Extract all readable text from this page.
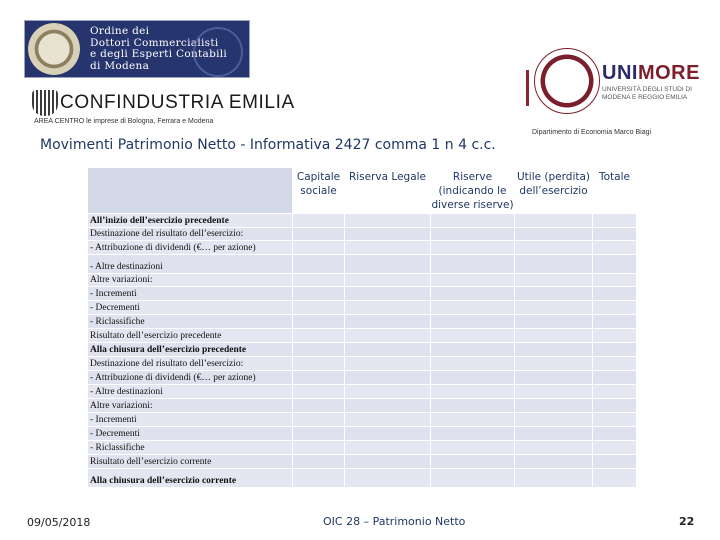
Ordine dei
Dottori Commercialisti
e degli Esperti Contabili
di Modena
CONFINDUSTRIA EMILIA
AREA CENTRO le imprese di Bologna, Ferrara e Modena
UNIMORE
UNIVERSITÀ DEGLI STUDI DI MODENA E REGGIO EMILIA
Dipartimento di Economia Marco Biagi
Movimenti Patrimonio Netto - Informativa 2427 comma 1 n 4 c.c.
	Capitale sociale	Riserva Legale	Riserve (indicando le diverse riserve)	Utile (perdita) dell’esercizio	Totale
All’inizio dell’esercizio precedente					
Destinazione del risultato dell’esercizio:					
- Attribuzione di dividendi (€… per azione)					
- Altre destinazioni					
Altre variazioni:					
- Incrementi					
- Decrementi					
- Riclassifiche					
Risultato dell’esercizio precedente					
Alla chiusura dell’esercizio precedente					
Destinazione del risultato dell’esercizio:					
- Attribuzione di dividendi (€… per azione)					
- Altre destinazioni					
Altre variazioni:					
- Incrementi					
- Decrementi					
- Riclassifiche					
Risultato dell’esercizio corrente					
Alla chiusura dell’esercizio corrente					
09/05/2018	OIC 28 – Patrimonio Netto	22
